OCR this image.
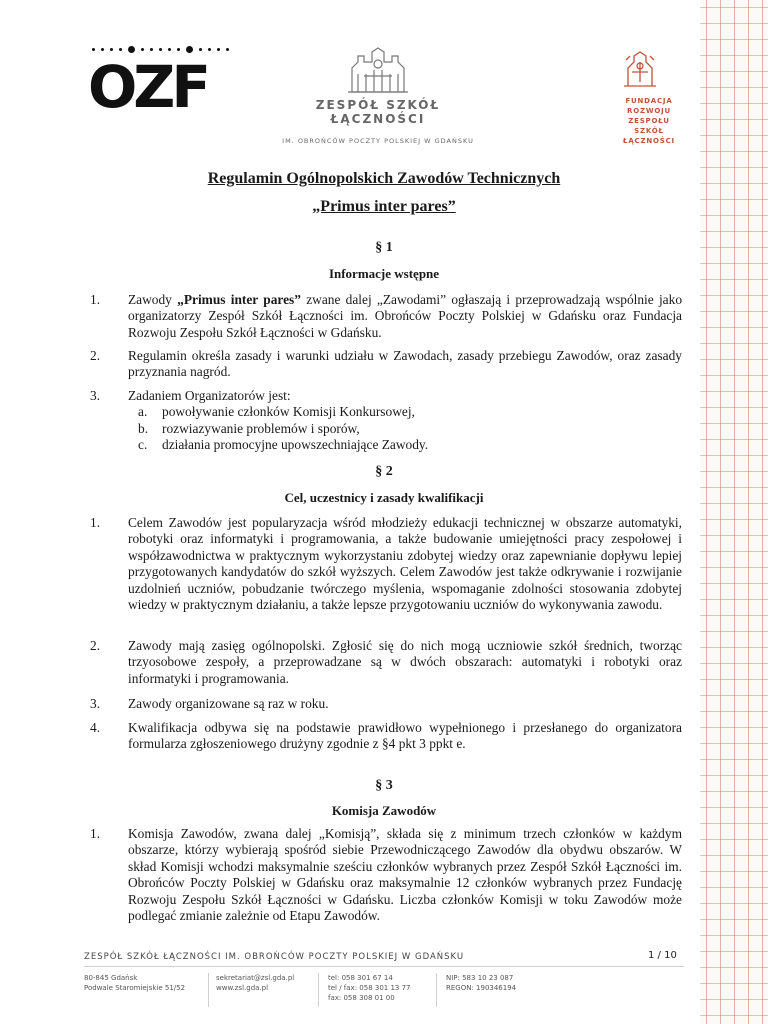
OZF	ZESPÓŁ SZKÓŁ
ŁĄCZNOŚCI
IM. OBROŃCÓW POCZTY POLSKIEJ W GDAŃSKU
FUNDACJA
ROZWOJU
ZESPOŁU
SZKÓŁ
ŁĄCZNOŚCI
Regulamin Ogólnopolskich Zawodów Technicznych
„Primus inter pares”
§ 1
Informacje wstępne
1. Zawody „Primus inter pares” zwane dalej „Zawodami” ogłaszają i przeprowadzają wspólnie jako organizatorzy Zespół Szkół Łączności im. Obrońców Poczty Polskiej w Gdańsku oraz Fundacja Rozwoju Zespołu Szkół Łączności w Gdańsku.
2. Regulamin określa zasady i warunki udziału w Zawodach, zasady przebiegu Zawodów, oraz zasady przyznania nagród.
3. Zadaniem Organizatorów jest:
a. powoływanie członków Komisji Konkursowej,
b. rozwiazywanie problemów i sporów,
c. działania promocyjne upowszechniające Zawody.
§ 2
Cel, uczestnicy i zasady kwalifikacji
1. Celem Zawodów jest popularyzacja wśród młodzieży edukacji technicznej w obszarze automatyki, robotyki oraz informatyki i programowania, a także budowanie umiejętności pracy zespołowej i współzawodnictwa w praktycznym wykorzystaniu zdobytej wiedzy oraz zapewnianie dopływu lepiej przygotowanych kandydatów do szkół wyższych. Celem Zawodów jest także odkrywanie i rozwijanie uzdolnień uczniów, pobudzanie twórczego myślenia, wspomaganie zdolności stosowania zdobytej wiedzy w praktycznym działaniu, a także lepsze przygotowaniu uczniów do wykonywania zawodu.
2. Zawody mają zasięg ogólnopolski. Zgłosić się do nich mogą uczniowie szkół średnich, tworząc trzyosobowe zespoły, a przeprowadzane są w dwóch obszarach: automatyki i robotyki oraz informatyki i programowania.
3. Zawody organizowane są raz w roku.
4. Kwalifikacja odbywa się na podstawie prawidłowo wypełnionego i przesłanego do organizatora formularza zgłoszeniowego drużyny zgodnie z §4 pkt 3 ppkt e.
§ 3
Komisja Zawodów
1. Komisja Zawodów, zwana dalej „Komisją”, składa się z minimum trzech członków w każdym obszarze, którzy wybierają spośród siebie Przewodniczącego Zawodów dla obydwu obszarów. W skład Komisji wchodzi maksymalnie sześciu członków wybranych przez Zespół Szkół Łączności im. Obrońców Poczty Polskiej w Gdańsku oraz maksymalnie 12 członków wybranych przez Fundację Rozwoju Zespołu Szkół Łączności w Gdańsku. Liczba członków Komisji w toku Zawodów może podlegać zmianie zależnie od Etapu Zawodów.
ZESPÓŁ SZKÓŁ ŁĄCZNOŚCI IM. OBROŃCÓW POCZTY POLSKIEJ W GDAŃSKU	1 / 10
80-845 Gdańsk
Podwale Staromiejskie 51/52
sekretariat@zsl.gda.pl
www.zsl.gda.pl
tel: 058 301 67 14
tel / fax: 058 301 13 77
fax: 058 308 01 00
NIP: 583 10 23 087
REGON: 190346194
